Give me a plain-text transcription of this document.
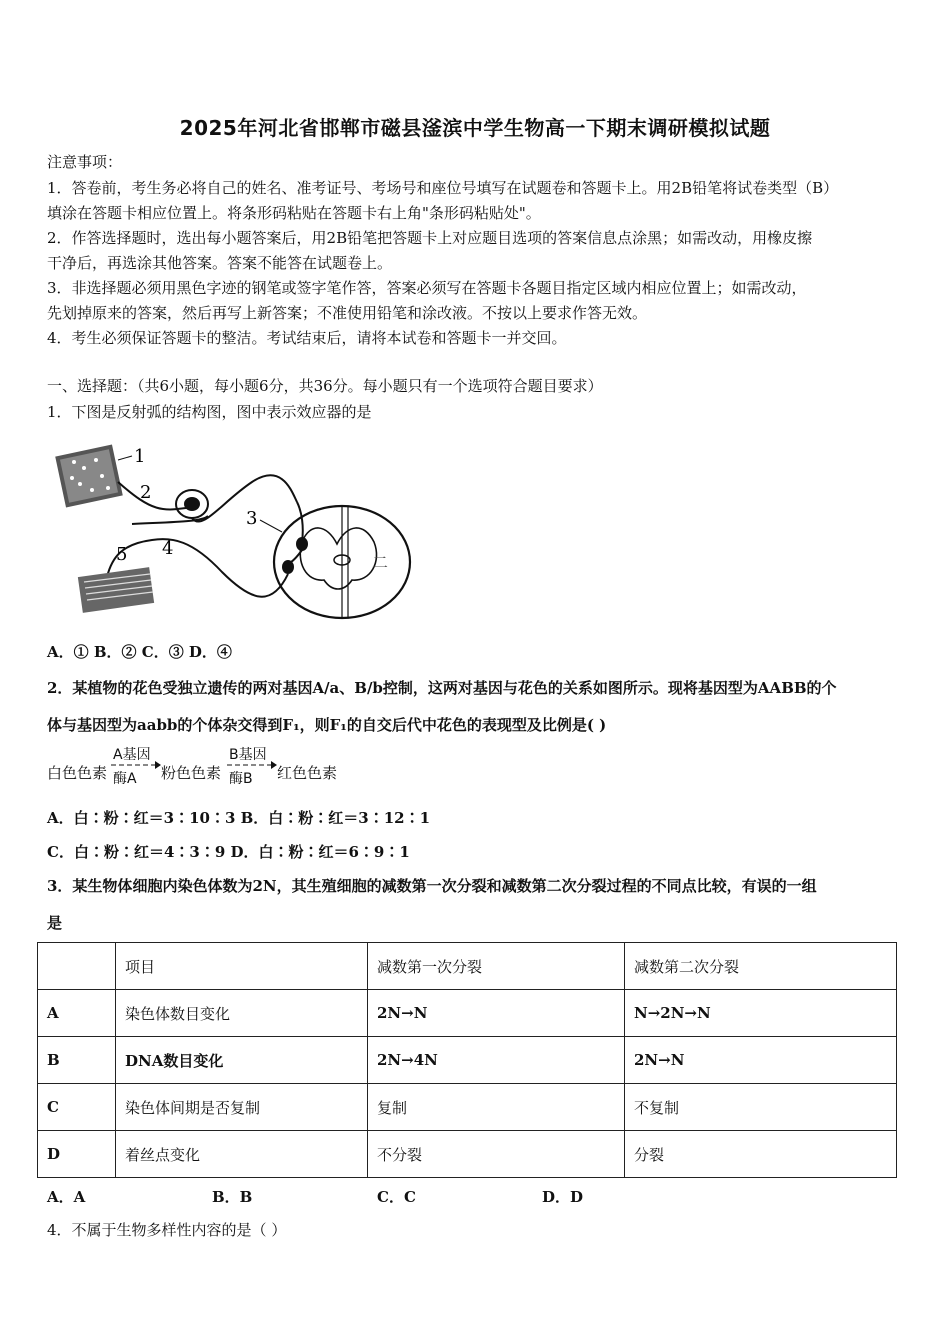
2025年河北省邯郸市磁县滏滨中学生物高一下期末调研模拟试题
注意事项：
1．答卷前，考生务必将自己的姓名、准考证号、考场号和座位号填写在试题卷和答题卡上。用2B铅笔将试卷类型（B）
填涂在答题卡相应位置上。将条形码粘贴在答题卡右上角"条形码粘贴处"。
2．作答选择题时，选出每小题答案后，用2B铅笔把答题卡上对应题目选项的答案信息点涂黑；如需改动，用橡皮擦
干净后，再选涂其他答案。答案不能答在试题卷上。
3．非选择题必须用黑色字迹的钢笔或签字笔作答，答案必须写在答题卡各题目指定区域内相应位置上；如需改动，
先划掉原来的答案，然后再写上新答案；不准使用铅笔和涂改液。不按以上要求作答无效。
4．考生必须保证答题卡的整洁。考试结束后，请将本试卷和答题卡一并交回。
一、选择题：（共6小题，每小题6分，共36分。每小题只有一个选项符合题目要求）
1．下图是反射弧的结构图，图中表示效应器的是
1
2
3
4
5	二
A．① B．② C．③ D．④
2．某植物的花色受独立遗传的两对基因A/a、B/b控制，这两对基因与花色的关系如图所示。现将基因型为AABB的个
体与基因型为aabb的个体杂交得到F₁，则F₁的自交后代中花色的表现型及比例是( )
白色色素
A基因
酶A 粉色色素
B基因
酶B 红色色素
A．白∶粉∶红＝3∶10∶3 B．白∶粉∶红＝3∶12∶1
C．白∶粉∶红＝4∶3∶9 D．白∶粉∶红＝6∶9∶1
3．某生物体细胞内染色体数为2N，其生殖细胞的减数第一次分裂和减数第二次分裂过程的不同点比较，有误的一组
是
	项目	减数第一次分裂	减数第二次分裂
A	染色体数目变化	2N→N	N→2N→N
B	DNA数目变化	2N→4N	2N→N
C	染色体间期是否复制	复制	不复制
D	着丝点变化	不分裂	分裂
A．A	B．B	C．C	D．D
4．不属于生物多样性内容的是（ ）
